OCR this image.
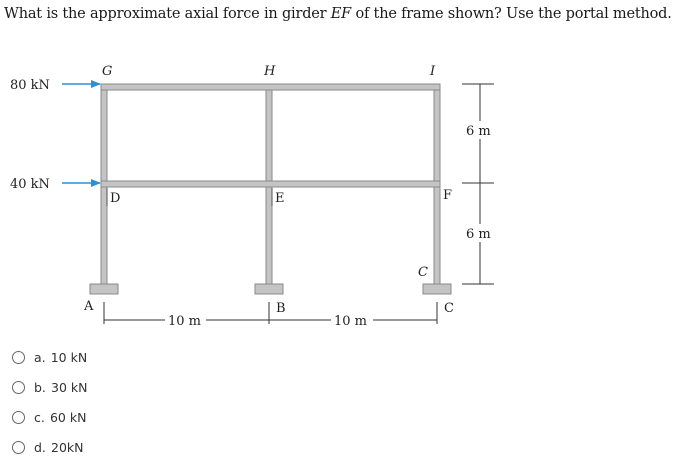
What is the approximate axial force in girder EF of the frame shown? Use the portal method.
80 kN
40 kN
G	H	I
D	E	F
C
A	B	C
10 m	10 m
6 m
6 m
a.
10 kN
b.
30 kN
c.
60 kN
d.
20kN
